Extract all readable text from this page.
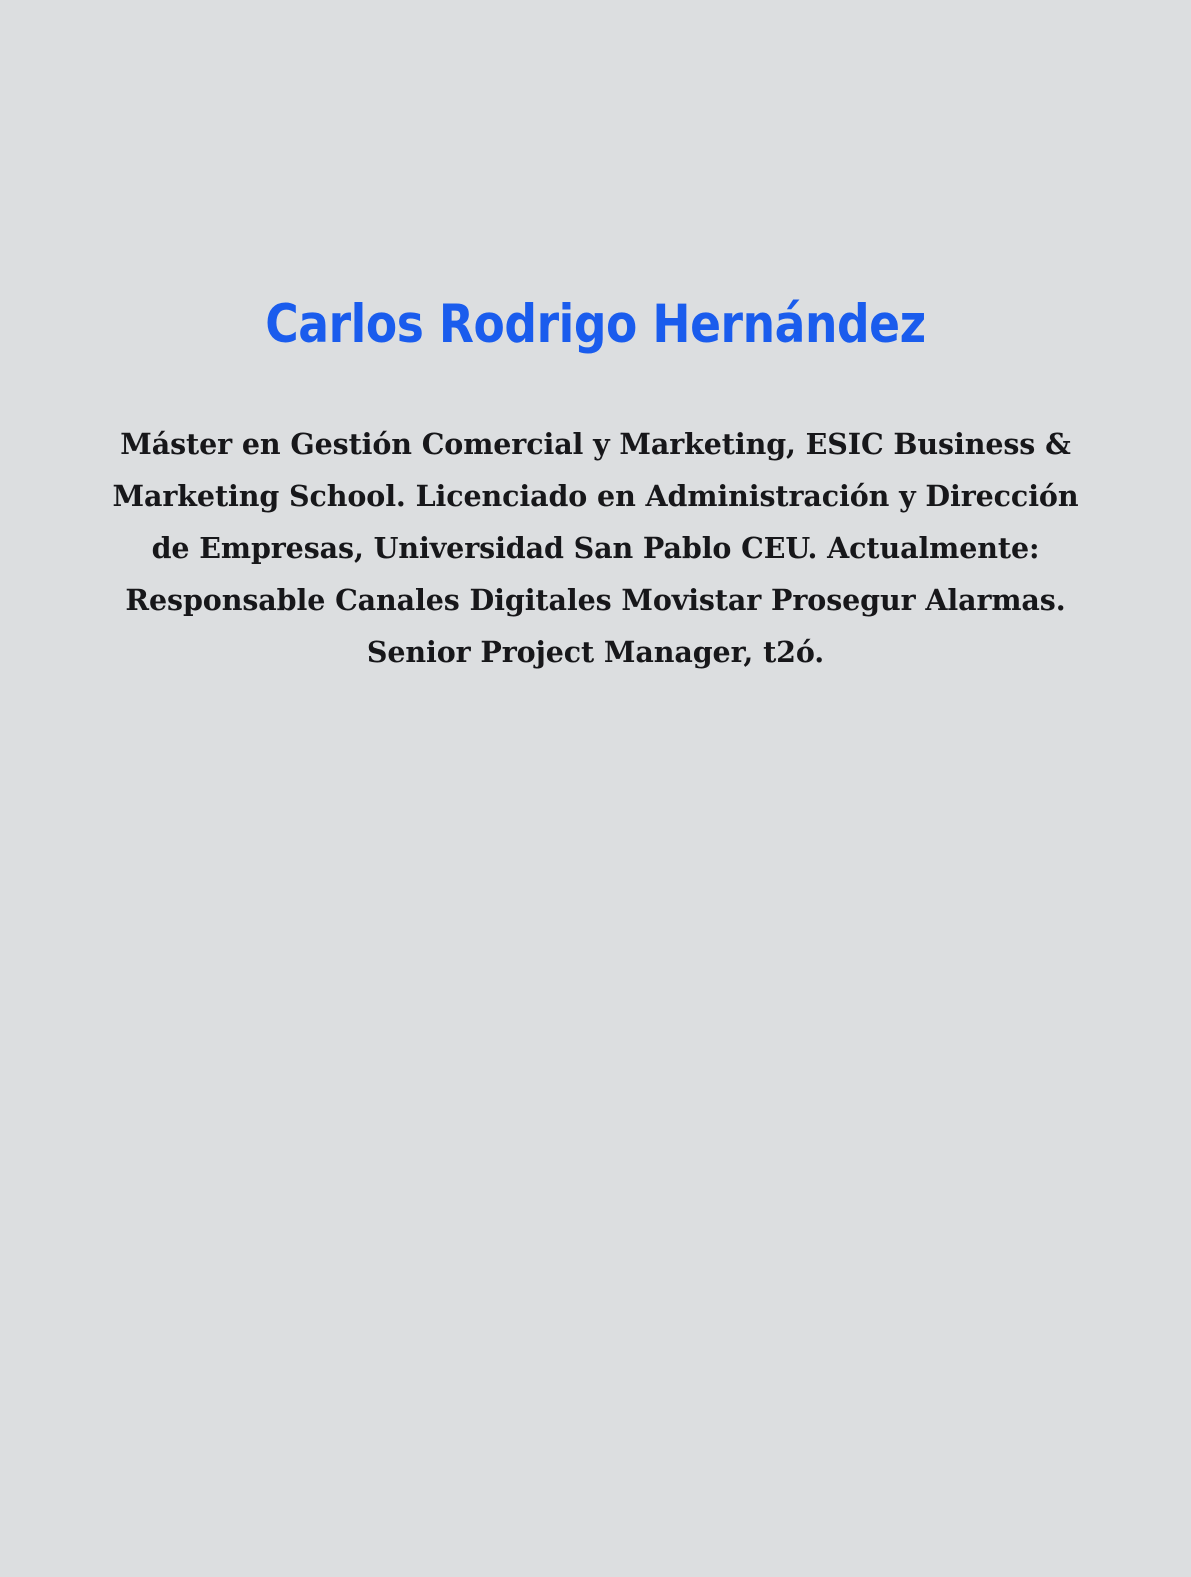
Carlos Rodrigo Hernández

Máster en Gestión Comercial y Marketing, ESIC Business & Marketing School. Licenciado en Administración y Dirección de Empresas, Universidad San Pablo CEU. Actualmente: Responsable Canales Digitales Movistar Prosegur Alarmas. Senior Project Manager, t2ó.
